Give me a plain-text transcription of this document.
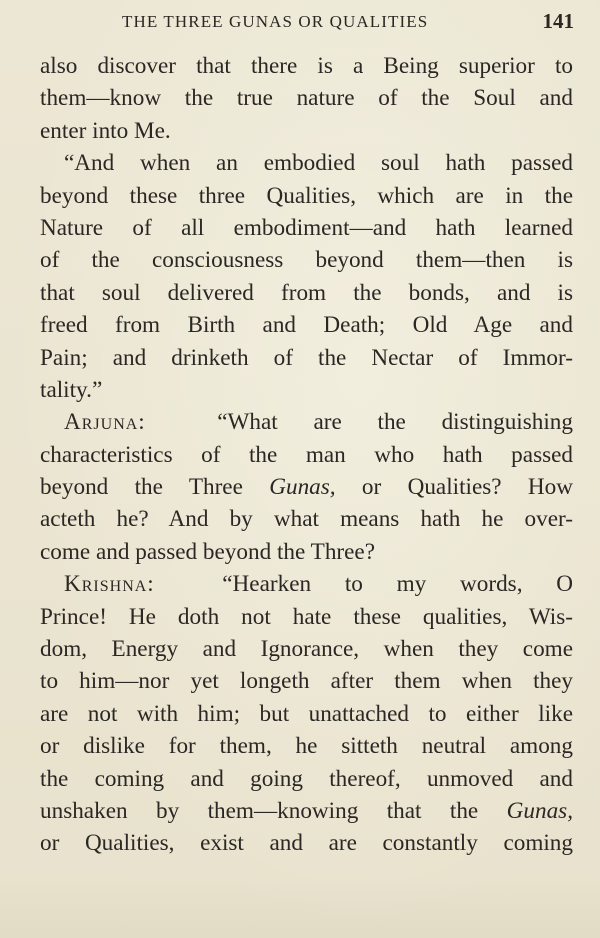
THE THREE GUNAS OR QUALITIES	141
also discover that there is a Being superior to
them—know the true nature of the Soul and
enter into Me.
“And when an embodied soul hath passed
beyond these three Qualities, which are in the
Nature of all embodiment—and hath learned
of the consciousness beyond them—then is
that soul delivered from the bonds, and is
freed from Birth and Death; Old Age and
Pain; and drinketh of the Nectar of Immor-
tality.”
Arjuna:	“What are the distinguishing
characteristics of the man who hath passed
beyond the Three Gunas, or Qualities? How
acteth he? And by what means hath he over-
come and passed beyond the Three?
Krishna:	“Hearken to my words, O
Prince! He doth not hate these qualities, Wis-
dom, Energy and Ignorance, when they come
to him—nor yet longeth after them when they
are not with him; but unattached to either like
or dislike for them, he sitteth neutral among
the coming and going thereof, unmoved and
unshaken by them—knowing that the Gunas,
or Qualities, exist and are constantly coming
